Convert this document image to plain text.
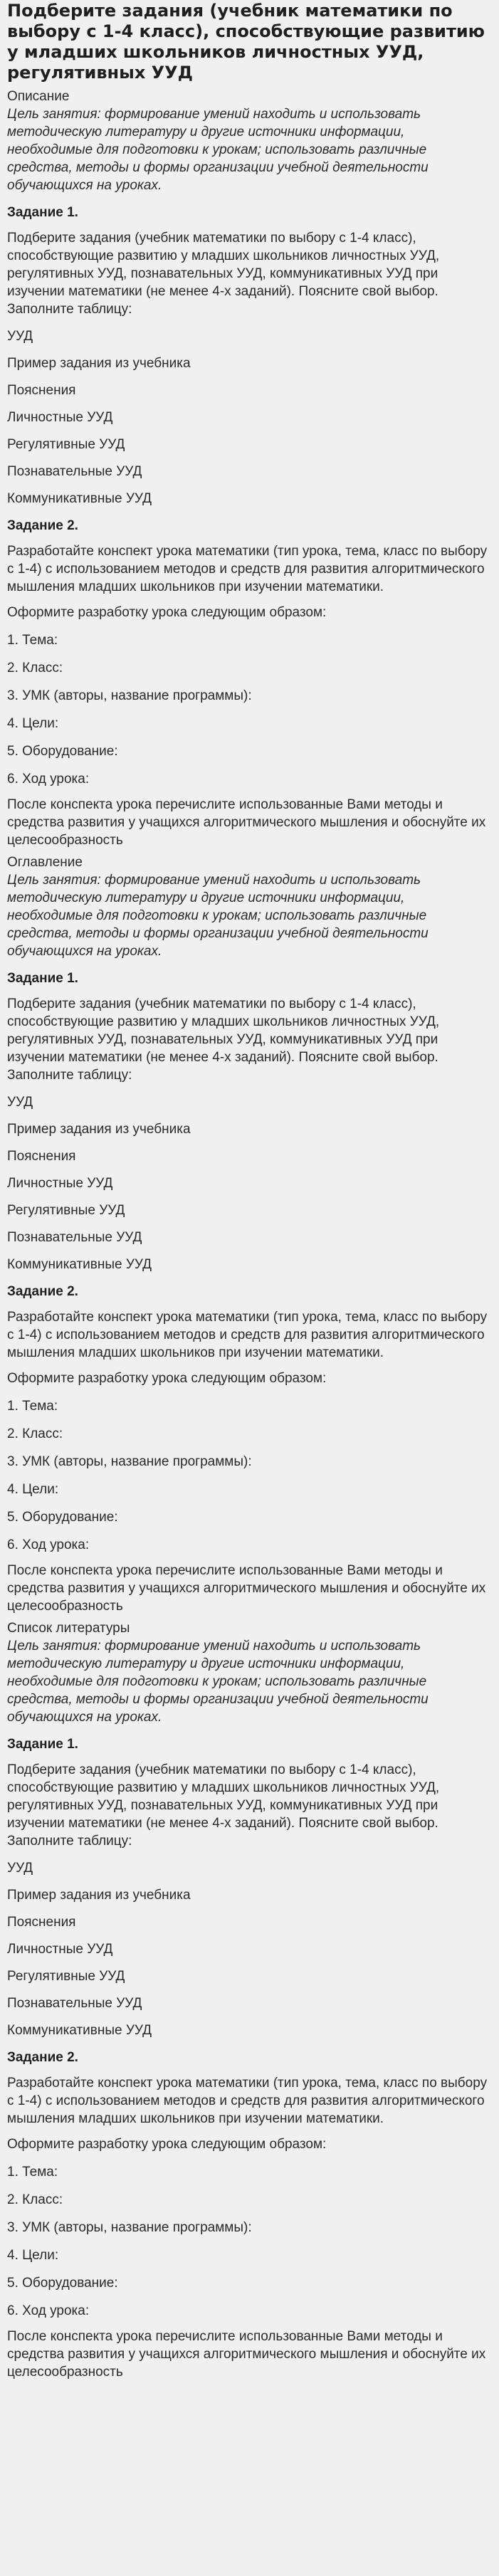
Подберите задания (учебник математики по выбору с 1-4 класс), способствующие развитию у младших школьников личностных УУД, регулятивных УУД
Описание
Цель занятия: формирование умений находить и использовать методическую литературу и другие источники информации, необходимые для подготовки к урокам; использовать различные средства, методы и формы организации учебной деятельности обучающихся на уроках.
Задание 1.
Подберите задания (учебник математики по выбору с 1-4 класс), способствующие развитию у младших школьников личностных УУД, регулятивных УУД, познавательных УУД, коммуникативных УУД при изучении математики (не менее 4-х заданий). Поясните свой выбор. Заполните таблицу:
УУД
Пример задания из учебника
Пояснения
Личностные УУД
Регулятивные УУД
Познавательные УУД
Коммуникативные УУД
Задание 2.
Разработайте конспект урока математики (тип урока, тема, класс по выбору с 1-4) с использованием методов и средств для развития алгоритмического мышления младших школьников при изучении математики.
Оформите разработку урока следующим образом:
1. Тема:
2. Класс:
3. УМК (авторы, название программы):
4. Цели:
5. Оборудование:
6. Ход урока:
После конспекта урока перечислите использованные Вами методы и средства развития у учащихся алгоритмического мышления и обоснуйте их целесообразность
Оглавление
Цель занятия: формирование умений находить и использовать методическую литературу и другие источники информации, необходимые для подготовки к урокам; использовать различные средства, методы и формы организации учебной деятельности обучающихся на уроках.
Задание 1.
Подберите задания (учебник математики по выбору с 1-4 класс), способствующие развитию у младших школьников личностных УУД, регулятивных УУД, познавательных УУД, коммуникативных УУД при изучении математики (не менее 4-х заданий). Поясните свой выбор. Заполните таблицу:
УУД
Пример задания из учебника
Пояснения
Личностные УУД
Регулятивные УУД
Познавательные УУД
Коммуникативные УУД
Задание 2.
Разработайте конспект урока математики (тип урока, тема, класс по выбору с 1-4) с использованием методов и средств для развития алгоритмического мышления младших школьников при изучении математики.
Оформите разработку урока следующим образом:
1. Тема:
2. Класс:
3. УМК (авторы, название программы):
4. Цели:
5. Оборудование:
6. Ход урока:
После конспекта урока перечислите использованные Вами методы и средства развития у учащихся алгоритмического мышления и обоснуйте их целесообразность
Список литературы
Цель занятия: формирование умений находить и использовать методическую литературу и другие источники информации, необходимые для подготовки к урокам; использовать различные средства, методы и формы организации учебной деятельности обучающихся на уроках.
Задание 1.
Подберите задания (учебник математики по выбору с 1-4 класс), способствующие развитию у младших школьников личностных УУД, регулятивных УУД, познавательных УУД, коммуникативных УУД при изучении математики (не менее 4-х заданий). Поясните свой выбор. Заполните таблицу:
УУД
Пример задания из учебника
Пояснения
Личностные УУД
Регулятивные УУД
Познавательные УУД
Коммуникативные УУД
Задание 2.
Разработайте конспект урока математики (тип урока, тема, класс по выбору с 1-4) с использованием методов и средств для развития алгоритмического мышления младших школьников при изучении математики.
Оформите разработку урока следующим образом:
1. Тема:
2. Класс:
3. УМК (авторы, название программы):
4. Цели:
5. Оборудование:
6. Ход урока:
После конспекта урока перечислите использованные Вами методы и средства развития у учащихся алгоритмического мышления и обоснуйте их целесообразность
